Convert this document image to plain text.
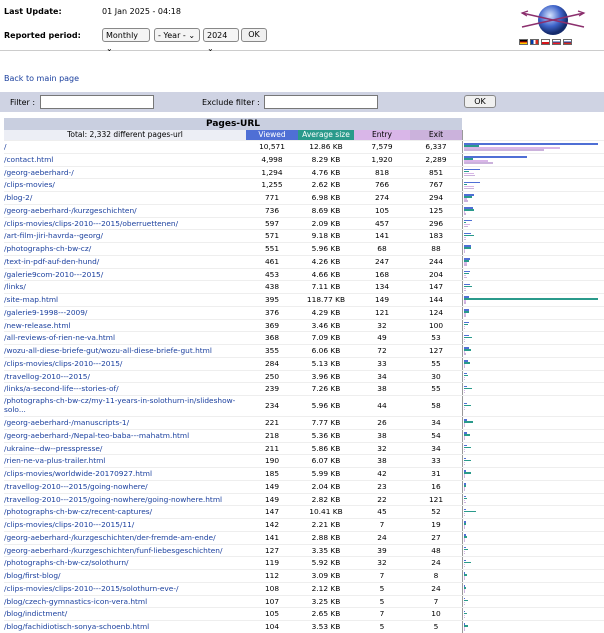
Last Update:	01 Jan 2025 - 04:18
Reported period:	Monthly ⌄
- Year - ⌄	2024 ⌄
OK
Back to main page
Filter :	Exclude filter :	OK
Pages-URL
Total: 2,332 different pages-url	Viewed	Average size	Entry	Exit
/	10,571	12.86 KB	7,579	6,337
/contact.html	4,998	8.29 KB	1,920	2,289
/georg-aeberhard-/	1,294	4.76 KB	818	851
/clips-movies/	1,255	2.62 KB	766	767
/blog-2/	771	6.98 KB	274	294
/georg-aeberhard-/kurzgeschichten/	736	8.69 KB	105	125
/clips-movies/clips-2010---2015/oberruettenen/	597	2.09 KB	457	296
/art-film-jiri-havrda--georg/	571	9.18 KB	141	183
/photographs-ch-bw-cz/	551	5.96 KB	68	88
/text-in-pdf-auf-den-hund/	461	4.26 KB	247	244
/galerie9com-2010---2015/	453	4.66 KB	168	204
/links/	438	7.11 KB	134	147
/site-map.html	395	118.77 KB	149	144
/galerie9-1998---2009/	376	4.29 KB	121	124
/new-release.html	369	3.46 KB	32	100
/all-reviews-of-rien-ne-va.html	368	7.09 KB	49	53
/wozu-all-diese-briefe-gut/wozu-all-diese-briefe-gut.html	355	6.06 KB	72	127
/clips-movies/clips-2010---2015/	284	5.13 KB	33	55
/travellog-2010---2015/	250	3.96 KB	34	30
/links/a-second-life---stories-of/	239	7.26 KB	38	55
/photographs-ch-bw-cz/my-11-years-in-solothurn-in/slideshow-solo...	234	5.96 KB	44	58
/georg-aeberhard-/manuscripts-1/	221	7.77 KB	26	34
/georg-aeberhard-/Nepal-teo-baba---mahatm.html	218	5.36 KB	38	54
/ukraine--dw--presspresse/	211	5.86 KB	32	34
/rien-ne-va-plus-trailer.html	190	6.07 KB	38	33
/clips-movies/worldwide-20170927.html	185	5.99 KB	42	31
/travellog-2010---2015/going-nowhere/	149	2.04 KB	23	16
/travellog-2010---2015/going-nowhere/going-nowhere.html	149	2.82 KB	22	121
/photographs-ch-bw-cz/recent-captures/	147	10.41 KB	45	52
/clips-movies/clips-2010---2015/11/	142	2.21 KB	7	19
/georg-aeberhard-/kurzgeschichten/der-fremde-am-ende/	141	2.88 KB	24	27
/georg-aeberhard-/kurzgeschichten/funf-liebesgeschichten/	127	3.35 KB	39	48
/photographs-ch-bw-cz/solothurn/	119	5.92 KB	32	24
/blog/first-blog/	112	3.09 KB	7	8
/clips-movies/clips-2010---2015/solothurn-eve-/	108	2.12 KB	5	24
/blog/czech-gymnastics-icon-vera.html	107	3.25 KB	5	7
/blog/indictment/	105	2.65 KB	7	10
/blog/fachidiotisch-sonya-schoenb.html	104	3.53 KB	5	5
